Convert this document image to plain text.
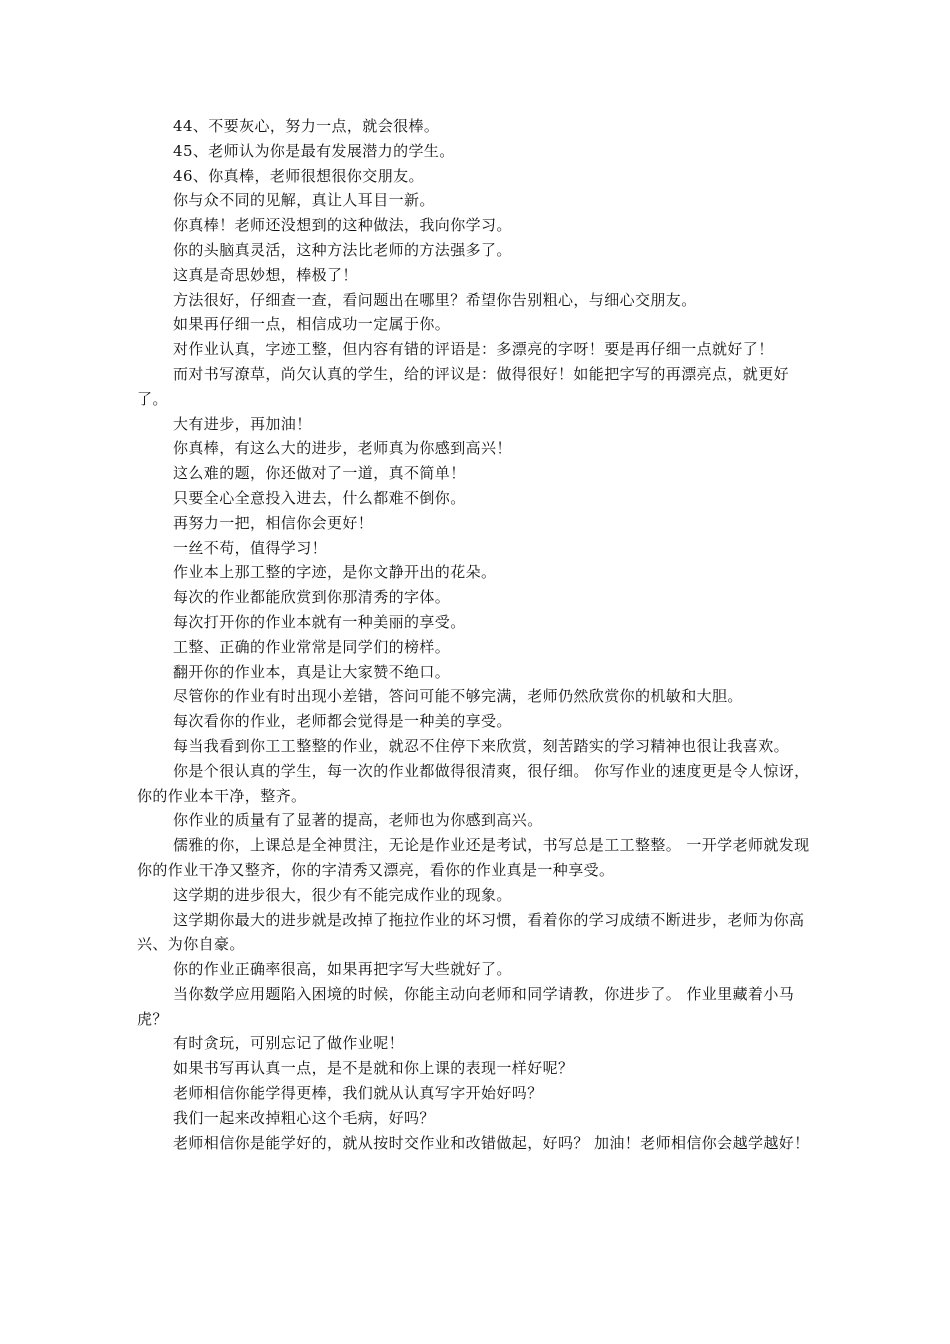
44、不要灰心，努力一点，就会很棒。

45、老师认为你是最有发展潜力的学生。

46、你真棒，老师很想很你交朋友。

你与众不同的见解，真让人耳目一新。

你真棒！老师还没想到的这种做法，我向你学习。

你的头脑真灵活，这种方法比老师的方法强多了。

这真是奇思妙想，棒极了！

方法很好，仔细查一查，看问题出在哪里？希望你告别粗心，与细心交朋友。

如果再仔细一点，相信成功一定属于你。

对作业认真，字迹工整，但内容有错的评语是：多漂亮的字呀！要是再仔细一点就好了！

而对书写潦草，尚欠认真的学生，给的评议是：做得很好！如能把字写的再漂亮点，就更好了。

大有进步，再加油！

你真棒，有这么大的进步，老师真为你感到高兴！

这么难的题，你还做对了一道，真不简单！

只要全心全意投入进去，什么都难不倒你。

再努力一把，相信你会更好！

一丝不苟，值得学习！

作业本上那工整的字迹，是你文静开出的花朵。

每次的作业都能欣赏到你那清秀的字体。

每次打开你的作业本就有一种美丽的享受。

工整、正确的作业常常是同学们的榜样。

翻开你的作业本，真是让大家赞不绝口。

尽管你的作业有时出现小差错，答问可能不够完满，老师仍然欣赏你的机敏和大胆。

每次看你的作业，老师都会觉得是一种美的享受。

每当我看到你工工整整的作业，就忍不住停下来欣赏，刻苦踏实的学习精神也很让我喜欢。

你是个很认真的学生，每一次的作业都做得很清爽，很仔细。 你写作业的速度更是令人惊讶，你的作业本干净，整齐。

你作业的质量有了显著的提高，老师也为你感到高兴。

儒雅的你，上课总是全神贯注，无论是作业还是考试，书写总是工工整整。 一开学老师就发现你的作业干净又整齐，你的字清秀又漂亮，看你的作业真是一种享受。

这学期的进步很大，很少有不能完成作业的现象。

这学期你最大的进步就是改掉了拖拉作业的坏习惯，看着你的学习成绩不断进步，老师为你高兴、为你自豪。

你的作业正确率很高，如果再把字写大些就好了。

当你数学应用题陷入困境的时候，你能主动向老师和同学请教，你进步了。 作业里藏着小马虎？

有时贪玩，可别忘记了做作业呢！

如果书写再认真一点，是不是就和你上课的表现一样好呢？

老师相信你能学得更棒，我们就从认真写字开始好吗？

我们一起来改掉粗心这个毛病，好吗？

老师相信你是能学好的，就从按时交作业和改错做起，好吗？ 加油！老师相信你会越学越好！
